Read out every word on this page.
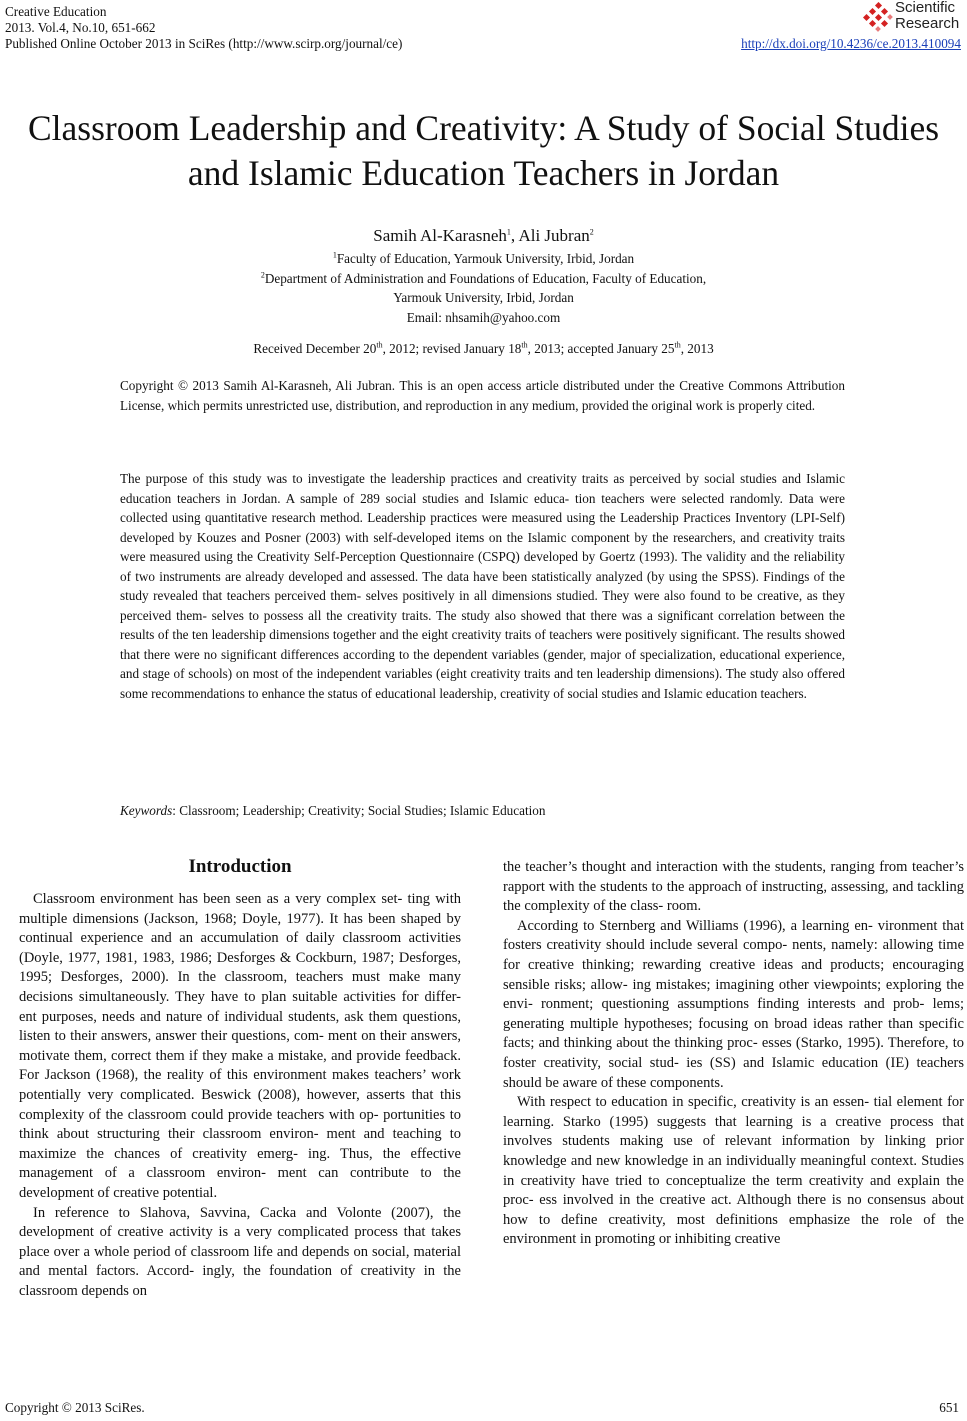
Creative Education
2013. Vol.4, No.10, 651-662
Published Online October 2013 in SciRes (http://www.scirp.org/journal/ce)
Scientific
Research
http://dx.doi.org/10.4236/ce.2013.410094
Classroom Leadership and Creativity: A Study of Social Studies and Islamic Education Teachers in Jordan
Samih Al-Karasneh$^1$, Ali Jubran$^2$
$^1$Faculty of Education, Yarmouk University, Irbid, Jordan
$^2$Department of Administration and Foundations of Education, Faculty of Education,
Yarmouk University, Irbid, Jordan
Email: nhsamih@yahoo.com
Received December 20th, 2012; revised January 18th, 2013; accepted January 25th, 2013
Copyright © 2013 Samih Al-Karasneh, Ali Jubran. This is an open access article distributed under the Creative Commons Attribution License, which permits unrestricted use, distribution, and reproduction in any medium, provided the original work is properly cited.
The purpose of this study was to investigate the leadership practices and creativity traits as perceived by social studies and Islamic education teachers in Jordan. A sample of 289 social studies and Islamic educa- tion teachers were selected randomly. Data were collected using quantitative research method. Leadership practices were measured using the Leadership Practices Inventory (LPI-Self) developed by Kouzes and Posner (2003) with self-developed items on the Islamic component by the researchers, and creativity traits were measured using the Creativity Self-Perception Questionnaire (CSPQ) developed by Goertz (1993). The validity and the reliability of two instruments are already developed and assessed. The data have been statistically analyzed (by using the SPSS). Findings of the study revealed that teachers perceived them- selves positively in all dimensions studied. They were also found to be creative, as they perceived them- selves to possess all the creativity traits. The study also showed that there was a significant correlation between the results of the ten leadership dimensions together and the eight creativity traits of teachers were positively significant. The results showed that there were no significant differences according to the dependent variables (gender, major of specialization, educational experience, and stage of schools) on most of the independent variables (eight creativity traits and ten leadership dimensions). The study also offered some recommendations to enhance the status of educational leadership, creativity of social studies and Islamic education teachers.
Keywords: Classroom; Leadership; Creativity; Social Studies; Islamic Education
Introduction

Classroom environment has been seen as a very complex set- ting with multiple dimensions (Jackson, 1968; Doyle, 1977). It has been shaped by continual experience and an accumulation of daily classroom activities (Doyle, 1977, 1981, 1983, 1986; Desforges & Cockburn, 1987; Desforges, 1995; Desforges, 2000). In the classroom, teachers must make many decisions simultaneously. They have to plan suitable activities for differ- ent purposes, needs and nature of individual students, ask them questions, listen to their answers, answer their questions, com- ment on their answers, motivate them, correct them if they make a mistake, and provide feedback. For Jackson (1968), the reality of this environment makes teachers’ work potentially very complicated. Beswick (2008), however, asserts that this complexity of the classroom could provide teachers with op- portunities to think about structuring their classroom environ- ment and teaching to maximize the chances of creativity emerg- ing. Thus, the effective management of a classroom environ- ment can contribute to the development of creative potential.

In reference to Slahova, Savvina, Cacka and Volonte (2007), the development of creative activity is a very complicated process that takes place over a whole period of classroom life and depends on social, material and mental factors. Accord- ingly, the foundation of creativity in the classroom depends on

the teacher’s thought and interaction with the students, ranging from teacher’s rapport with the students to the approach of instructing, assessing, and tackling the complexity of the class- room.

According to Sternberg and Williams (1996), a learning en- vironment that fosters creativity should include several compo- nents, namely: allowing time for creative thinking; rewarding creative ideas and products; encouraging sensible risks; allow- ing mistakes; imagining other viewpoints; exploring the envi- ronment; questioning assumptions finding interests and prob- lems; generating multiple hypotheses; focusing on broad ideas rather than specific facts; and thinking about the thinking proc- esses (Starko, 1995). Therefore, to foster creativity, social stud- ies (SS) and Islamic education (IE) teachers should be aware of these components.

With respect to education in specific, creativity is an essen- tial element for learning. Starko (1995) suggests that learning is a creative process that involves students making use of relevant information by linking prior knowledge and new knowledge in an individually meaningful context. Studies in creativity have tried to conceptualize the term creativity and explain the proc- ess involved in the creative act. Although there is no consensus about how to define creativity, most definitions emphasize the role of the environment in promoting or inhibiting creative

Copyright © 2013 SciRes.	651
